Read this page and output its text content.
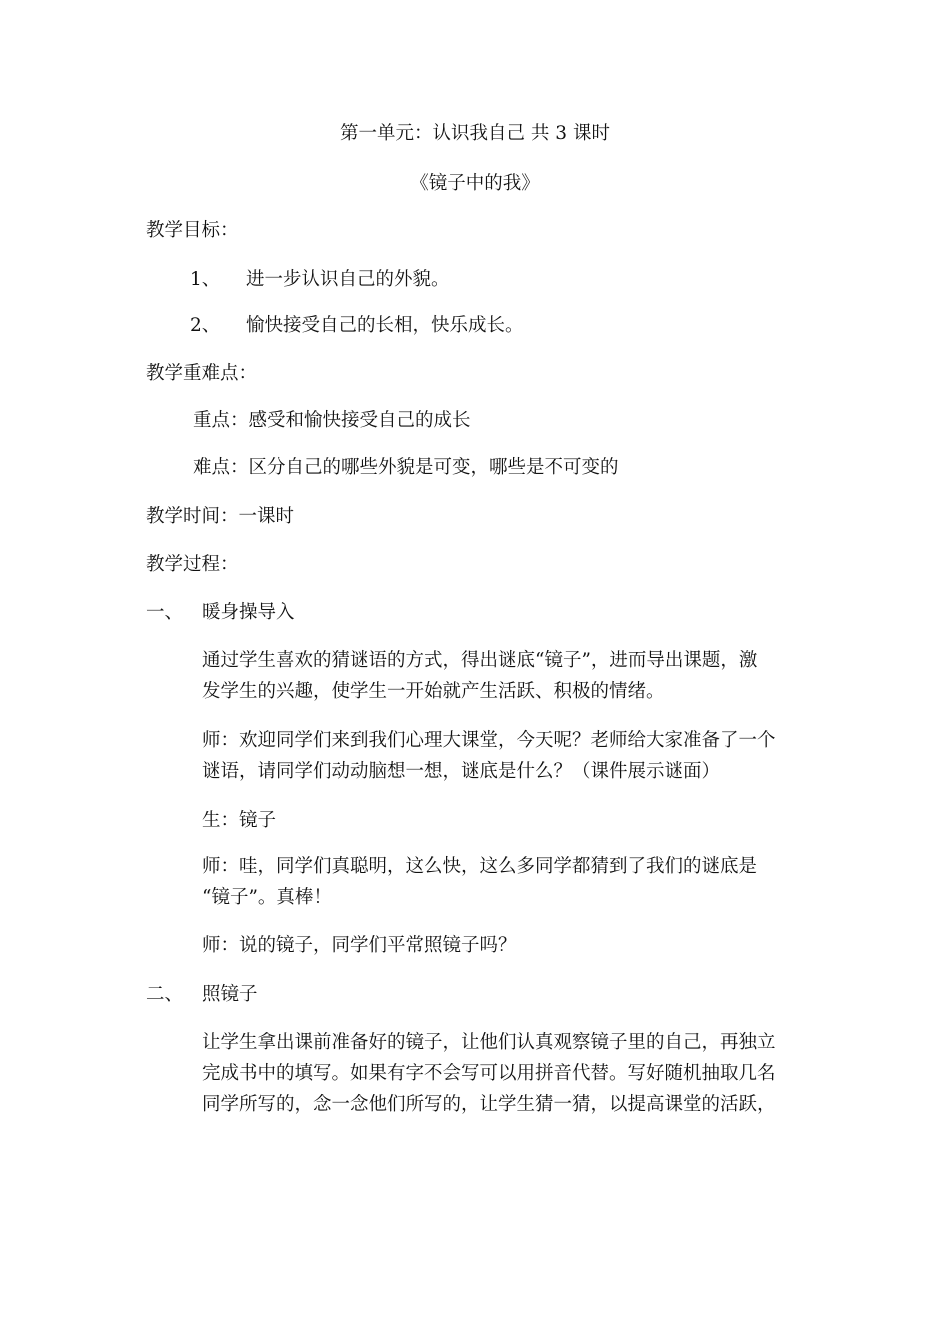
第一单元：认识我自己 共 3 课时
《镜子中的我》
教学目标：
1、 进一步认识自己的外貌。
2、 愉快接受自己的长相，快乐成长。
教学重难点：
重点：感受和愉快接受自己的成长
难点：区分自己的哪些外貌是可变，哪些是不可变的
教学时间：一课时
教学过程：
一、 暖身操导入
通过学生喜欢的猜谜语的方式，得出谜底“镜子”，进而导出课题，激
发学生的兴趣，使学生一开始就产生活跃、积极的情绪。
师：欢迎同学们来到我们心理大课堂，今天呢？老师给大家准备了一个
谜语，请同学们动动脑想一想，谜底是什么？（课件展示谜面）
生：镜子
师：哇，同学们真聪明，这么快，这么多同学都猜到了我们的谜底是
“镜子”。真棒！
师：说的镜子，同学们平常照镜子吗？
二、 照镜子
让学生拿出课前准备好的镜子，让他们认真观察镜子里的自己，再独立
完成书中的填写。如果有字不会写可以用拼音代替。写好随机抽取几名
同学所写的，念一念他们所写的，让学生猜一猜，以提高课堂的活跃，
